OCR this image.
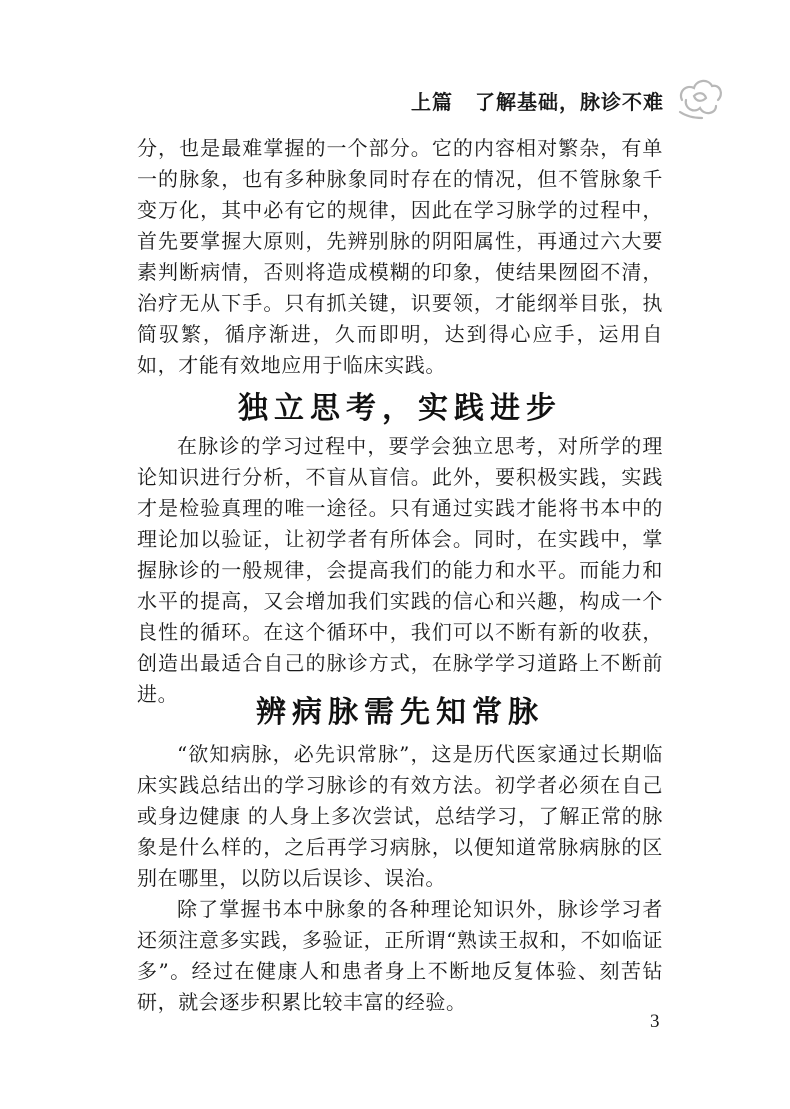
上篇 了解基础，脉诊不难

分，也是最难掌握的一个部分。它的内容相对繁杂，有单一的脉象，也有多种脉象同时存在的情况，但不管脉象千变万化，其中必有它的规律，因此在学习脉学的过程中，首先要掌握大原则，先辨别脉的阴阳属性，再通过六大要素判断病情，否则将造成模糊的印象，使结果囫囵不清，治疗无从下手。只有抓关键，识要领，才能纲举目张，执简驭繁，循序渐进，久而即明，达到得心应手，运用自如，才能有效地应用于临床实践。

独立思考，实践进步

在脉诊的学习过程中，要学会独立思考，对所学的理论知识进行分析，不盲从盲信。此外，要积极实践，实践才是检验真理的唯一途径。只有通过实践才能将书本中的理论加以验证，让初学者有所体会。同时，在实践中，掌握脉诊的一般规律，会提高我们的能力和水平。而能力和水平的提高，又会增加我们实践的信心和兴趣，构成一个良性的循环。在这个循环中，我们可以不断有新的收获，创造出最适合自己的脉诊方式，在脉学学习道路上不断前进。

辨病脉需先知常脉

“欲知病脉，必先识常脉”，这是历代医家通过长期临床实践总结出的学习脉诊的有效方法。初学者必须在自己或身边健康 的人身上多次尝试，总结学习，了解正常的脉象是什么样的，之后再学习病脉，以便知道常脉病脉的区别在哪里，以防以后误诊、误治。

除了掌握书本中脉象的各种理论知识外，脉诊学习者还须注意多实践，多验证，正所谓“熟读王叔和，不如临证多”。经过在健康人和患者身上不断地反复体验、刻苦钻研，就会逐步积累比较丰富的经验。

3
